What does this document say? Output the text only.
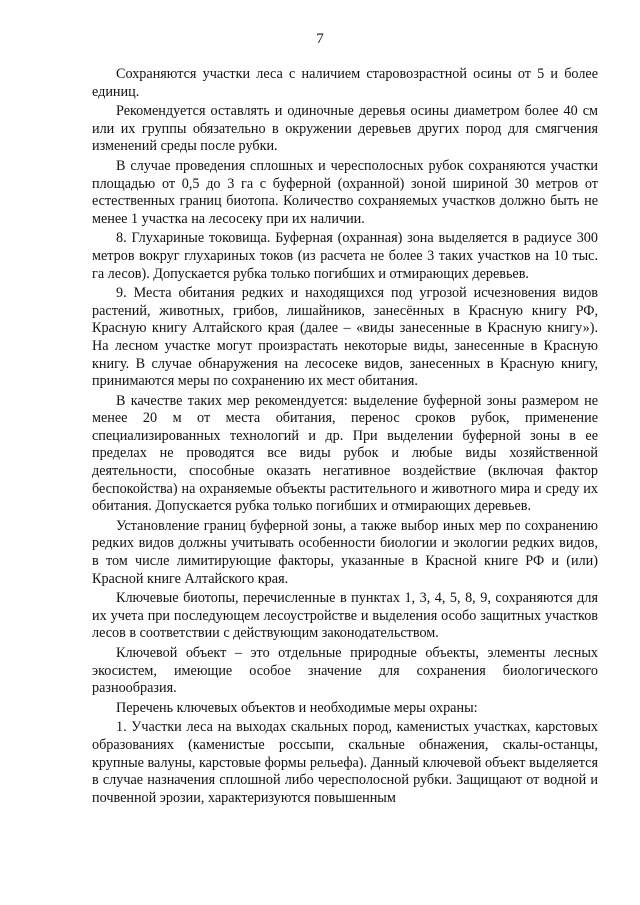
7

Сохраняются участки леса с наличием старовозрастной осины от 5 и более единиц.

Рекомендуется оставлять и одиночные деревья осины диаметром более 40 см или их группы обязательно в окружении деревьев других пород для смягчения изменений среды после рубки.

В случае проведения сплошных и чересполосных рубок сохраняются участки площадью от 0,5 до 3 га с буферной (охранной) зоной шириной 30 метров от естественных границ биотопа. Количество сохраняемых участков должно быть не менее 1 участка на лесосеку при их наличии.

8. Глухариные токовища. Буферная (охранная) зона выделяется в радиусе 300 метров вокруг глухариных токов (из расчета не более 3 таких участков на 10 тыс. га лесов). Допускается рубка только погибших и отмирающих деревьев.

9. Места обитания редких и находящихся под угрозой исчезновения видов растений, животных, грибов, лишайников, занесённых в Красную книгу РФ, Красную книгу Алтайского края (далее – «виды занесенные в Красную книгу»). На лесном участке могут произрастать некоторые виды, занесенные в Красную книгу. В случае обнаружения на лесосеке видов, занесенных в Красную книгу, принимаются меры по сохранению их мест обитания.

В качестве таких мер рекомендуется: выделение буферной зоны размером не менее 20 м от места обитания, перенос сроков рубок, применение специализированных технологий и др. При выделении буферной зоны в ее пределах не проводятся все виды рубок и любые виды хозяйственной деятельности, способные оказать негативное воздействие (включая фактор беспокойства) на охраняемые объекты растительного и животного мира и среду их обитания. Допускается рубка только погибших и отмирающих деревьев.

Установление границ буферной зоны, а также выбор иных мер по сохранению редких видов должны учитывать особенности биологии и экологии редких видов, в том числе лимитирующие факторы, указанные в Красной книге РФ и (или) Красной книге Алтайского края.

Ключевые биотопы, перечисленные в пунктах 1, 3, 4, 5, 8, 9, сохраняются для их учета при последующем лесоустройстве и выделения особо защитных участков лесов в соответствии с действующим законодательством.

Ключевой объект – это отдельные природные объекты, элементы лесных экосистем, имеющие особое значение для сохранения биологического разнообразия.

Перечень ключевых объектов и необходимые меры охраны:

1. Участки леса на выходах скальных пород, каменистых участках, карстовых образованиях (каменистые россыпи, скальные обнажения, скалы-останцы, крупные валуны, карстовые формы рельефа). Данный ключевой объект выделяется в случае назначения сплошной либо чересполосной рубки. Защищают от водной и почвенной эрозии, характеризуются повышенным
